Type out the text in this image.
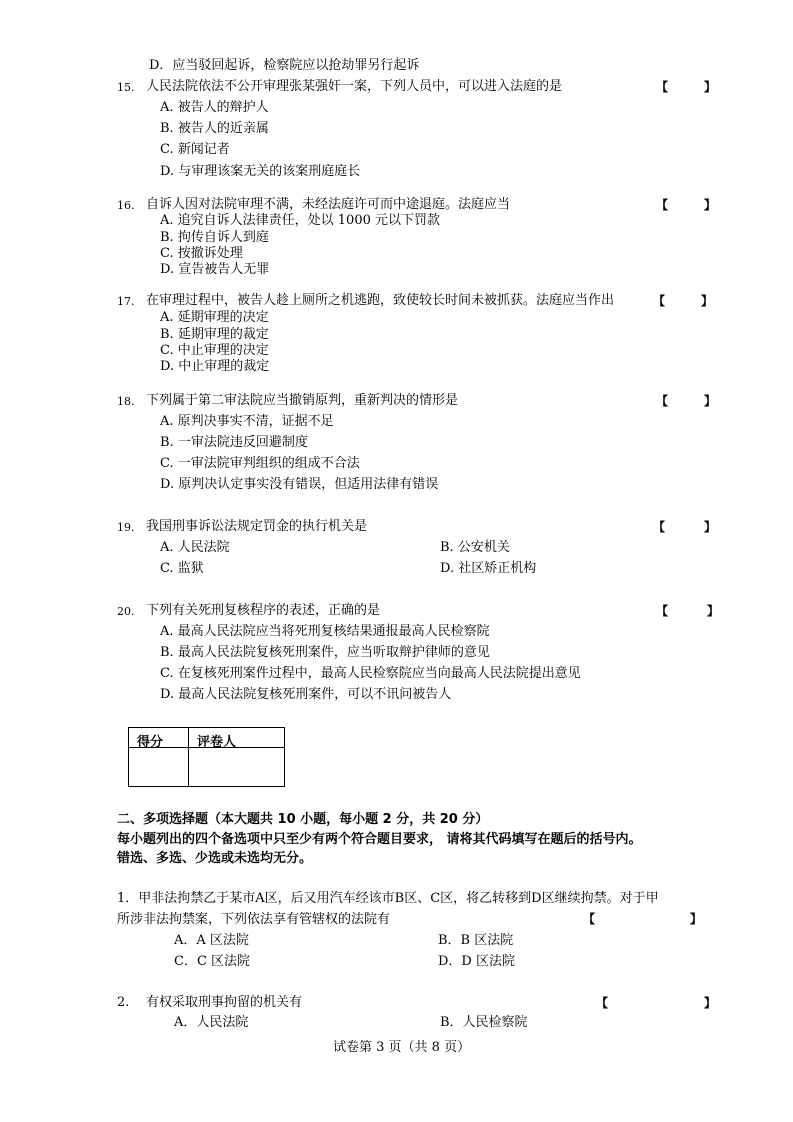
D．应当驳回起诉，检察院应以抢劫罪另行起诉
15. 人民法院依法不公开审理张某强奸一案，下列人员中，可以进入法庭的是	【	】
A. 被告人的辩护人
B. 被告人的近亲属
C. 新闻记者
D. 与审理该案无关的该案刑庭庭长
16. 自诉人因对法院审理不满，未经法庭许可而中途退庭。法庭应当	【	】
A. 追究自诉人法律责任，处以 1000 元以下罚款
B. 拘传自诉人到庭
C. 按撤诉处理
D. 宣告被告人无罪
17. 在审理过程中，被告人趁上厕所之机逃跑，致使较长时间未被抓获。法庭应当作出	【	】
A. 延期审理的决定
B. 延期审理的裁定
C. 中止审理的决定
D. 中止审理的裁定
18. 下列属于第二审法院应当撤销原判，重新判决的情形是	【	】
A. 原判决事实不清，证据不足
B. 一审法院违反回避制度
C. 一审法院审判组织的组成不合法
D. 原判决认定事实没有错误，但适用法律有错误
19. 我国刑事诉讼法规定罚金的执行机关是	【	】
A. 人民法院	B. 公安机关
C. 监狱	D. 社区矫正机构
20. 下列有关死刑复核程序的表述，正确的是	【	】
A. 最高人民法院应当将死刑复核结果通报最高人民检察院
B. 最高人民法院复核死刑案件，应当听取辩护律师的意见
C. 在复核死刑案件过程中，最高人民检察院应当向最高人民法院提出意见
D. 最高人民法院复核死刑案件，可以不讯问被告人
得分	评卷人
二、多项选择题（本大题共 10 小题，每小题 2 分，共 20 分）
每小题列出的四个备选项中只至少有两个符合题目要求， 请将其代码填写在题后的括号内。
错选、多选、少选或未选均无分。
1．甲非法拘禁乙于某市A区，后又用汽车经该市B区、C区，将乙转移到D区继续拘禁。对于甲
所涉非法拘禁案，下列依法享有管辖权的法院有	【	】
A．A 区法院	B．B 区法院
C．C 区法院	D．D 区法院
2. 有权采取刑事拘留的机关有	【	】
A．人民法院	B．人民检察院
试卷第 3 页（共 8 页）
